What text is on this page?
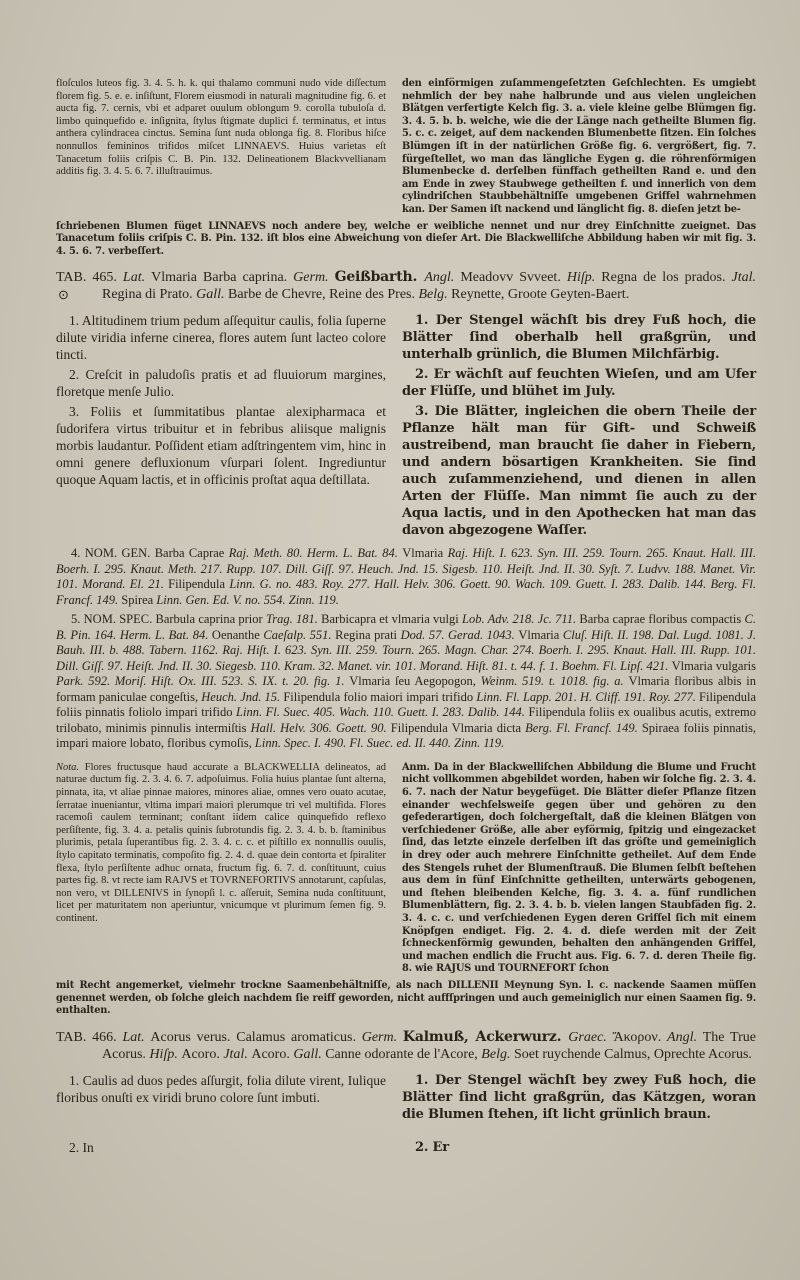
floſculos luteos fig. 3. 4. 5. h. k. qui thalamo communi nudo vide diſſectum florem fig. 5. e. e. inſiſtunt, Florem eiusmodi in naturali magnitudine fig. 6. et aucta fig. 7. cernis, vbi et adparet ouulum oblongum 9. corolla tubuloſa d. limbo quinquefido e. inſignita, ſtylus ſtigmate duplici f. terminatus, et intus anthera cylindracea cinctus. Semina ſunt nuda oblonga fig. 8. Floribus hiſce nonnullos femininos trifidos miſcet LINNAEVS. Huius varietas eſt Tanacetum foliis criſpis C. B. Pin. 132. Delineationem Blackvvellianam additis fig. 3. 4. 5. 6. 7. illuſtrauimus.

den einförmigen zuſammengeſetzten Geſchlechten. Es umgiebt nehmlich der bey nahe halbrunde und aus vielen ungleichen Blätgen verfertigte Kelch fig. 3. a. viele kleine gelbe Blümgen fig. 3. 4. 5. b. b. welche, wie die der Länge nach getheilte Blumen fig. 5. c. c. zeiget, auf dem nackenden Blumenbette ſitzen. Ein ſolches Blümgen iſt in der natürlichen Größe fig. 6. vergrößert, fig. 7. fürgeſtellet, wo man das längliche Eygen g. die röhrenförmigen Blumenbecke d. derſelben fünffach getheilten Rand e. und den am Ende in zwey Staubwege getheilten f. und innerlich von dem cylindriſchen Staubbehältniſſe umgebenen Griffel wahrnehmen kan. Der Samen iſt nackend und länglicht fig. 8. dieſen jetzt be-

ſchriebenen Blumen füget LINNAEVS noch andere bey, welche er weibliche nennet und nur drey Einſchnitte zueignet. Das Tanacetum foliis criſpis C. B. Pin. 132. iſt blos eine Abweichung von dieſer Art. Die Blackwelliſche Abbildung haben wir mit fig. 3. 4. 5. 6. 7. verbeſſert.

⊙
TAB. 465. Lat. Vlmaria Barba caprina. Germ. Geißbarth. Angl. Meadovv Svveet. Hiſp. Regna de los prados. Jtal. Regina di Prato. Gall. Barbe de Chevre, Reine des Pres. Belg. Reynette, Groote Geyten-Baert.

1. Altitudinem trium pedum aſſequitur caulis, folia ſuperne dilute viridia inferne cinerea, flores autem ſunt lacteo colore tincti.

2. Creſcit in paludoſis pratis et ad fluuiorum margines, floretque menſe Julio.

3. Foliis et ſummitatibus plantae alexipharmaca et ſudorifera virtus tribuitur et in febribus aliisque malignis morbis laudantur. Poſſident etiam adſtringentem vim, hinc in omni genere defluxionum vſurpari ſolent. Ingrediuntur quoque Aquam lactis, et in officinis proſtat aqua deſtillata.

1. Der Stengel wächſt bis drey Fuß hoch, die Blätter ſind oberhalb hell graßgrün, und unterhalb grünlich, die Blumen Milchfärbig.

2. Er wächſt auf feuchten Wieſen, und am Ufer der Flüſſe, und blühet im July.

3. Die Blätter, ingleichen die obern Theile der Pflanze hält man für Gift- und Schweiß austreibend, man braucht ſie daher in Fiebern, und andern bösartigen Krankheiten. Sie ſind auch zuſammenziehend, und dienen in allen Arten der Flüſſe. Man nimmt ſie auch zu der Aqua lactis, und in den Apothecken hat man das davon abgezogene Waſſer.

4. NOM. GEN. Barba Caprae Raj. Meth. 80. Herm. L. Bat. 84. Vlmaria Raj. Hiſt. I. 623. Syn. III. 259. Tourn. 265. Knaut. Hall. III. Boerh. I. 295. Knaut. Meth. 217. Rupp. 107. Dill. Giſſ. 97. Heuch. Jnd. 15. Sigesb. 110. Heiſt. Jnd. II. 30. Syſt. 7. Ludvv. 188. Manet. Vir. 101. Morand. El. 21. Filipendula Linn. G. no. 483. Roy. 277. Hall. Helv. 306. Goett. 90. Wach. 109. Guett. I. 283. Dalib. 144. Berg. Fl. Francf. 149. Spirea Linn. Gen. Ed. V. no. 554. Zinn. 119.

5. NOM. SPEC. Barbula caprina prior Trag. 181. Barbicapra et vlmaria vulgi Lob. Adv. 218. Jc. 711. Barba caprae floribus compactis C. B. Pin. 164. Herm. L. Bat. 84. Oenanthe Caeſalp. 551. Regina prati Dod. 57. Gerad. 1043. Vlmaria Cluſ. Hiſt. II. 198. Dal. Lugd. 1081. J. Bauh. III. b. 488. Tabern. 1162. Raj. Hiſt. I. 623. Syn. III. 259. Tourn. 265. Magn. Char. 274. Boerh. I. 295. Knaut. Hall. III. Rupp. 101. Dill. Giſſ. 97. Heiſt. Jnd. II. 30. Siegesb. 110. Kram. 32. Manet. vir. 101. Morand. Hiſt. 81. t. 44. f. 1. Boehm. Fl. Lipſ. 421. Vlmaria vulgaris Park. 592. Moriſ. Hiſt. Ox. III. 523. S. IX. t. 20. fig. 1. Vlmaria ſeu Aegopogon, Weinm. 519. t. 1018. fig. a. Vlmaria floribus albis in formam paniculae congeſtis, Heuch. Jnd. 15. Filipendula folio maiori impari trifido Linn. Fl. Lapp. 201. H. Cliff. 191. Roy. 277. Filipendula foliis pinnatis foliolo impari trifido Linn. Fl. Suec. 405. Wach. 110. Guett. I. 283. Dalib. 144. Filipendula foliis ex oualibus acutis, extremo trilobato, minimis pinnulis intermiſtis Hall. Helv. 306. Goett. 90. Filipendula Vlmaria dicta Berg. Fl. Francf. 149. Spiraea foliis pinnatis, impari maiore lobato, floribus cymoſis, Linn. Spec. I. 490. Fl. Suec. ed. II. 440. Zinn. 119.

Nota. Flores fructusque haud accurate a BLACKWELLIA delineatos, ad naturae ductum fig. 2. 3. 4. 6. 7. adpoſuimus. Folia huius plantae ſunt alterna, pinnata, ita, vt aliae pinnae maiores, minores aliae, omnes vero ouato acutae, ſerratae inueniantur, vltima impari maiori plerumque tri vel multifida. Flores racemoſi caulem terminant; conſtant iidem calice quinquefido reflexo perſiſtente, fig. 3. 4. a. petalis quinis ſubrotundis fig. 2. 3. 4. b. b. ſtaminibus plurimis, petala ſuperantibus fig. 2. 3. 4. c. c. et piſtillo ex nonnullis ouulis, ſtylo capitato terminatis, compoſito fig. 2. 4. d. quae dein contorta et ſpiraliter flexa, ſtylo perſiſtente adhuc ornata, fructum fig. 6. 7. d. conſtituunt, cuius partes fig. 8. vt recte iam RAJVS et TOVRNEFORTIVS annotarunt, capſulas, non vero, vt DILLENIVS in ſynopſi l. c. aſſeruit, Semina nuda conſtituunt, licet per maturitatem non aperiuntur, vnicumque vt plurimum ſemen fig. 9. continent.

Anm. Da in der Blackwelliſchen Abbildung die Blume und Frucht nicht vollkommen abgebildet worden, haben wir ſolche fig. 2. 3. 4. 6. 7. nach der Natur beygefüget. Die Blätter dieſer Pflanze ſitzen einander wechſelsweiſe gegen über und gehören zu den gefederartigen, doch ſolchergeſtalt, daß die kleinen Blätgen von verſchiedener Größe, alle aber eyförmig, ſpitzig und eingezacket ſind, das letzte einzele derſelben iſt das gröſte und gemeiniglich in drey oder auch mehrere Einſchnitte getheilet. Auf dem Ende des Stengels ruhet der Blumenſtrauß. Die Blumen ſelbſt beſtehen aus dem in fünf Einſchnitte getheilten, unterwärts gebogenen, und ſtehen bleibenden Kelche, fig. 3. 4. a. fünf rundlichen Blumenblättern, fig. 2. 3. 4. b. b. vielen langen Staubfäden fig. 2. 3. 4. c. c. und verſchiedenen Eygen deren Griffel ſich mit einem Knöpfgen endiget. Fig. 2. 4. d. dieſe werden mit der Zeit ſchneckenförmig gewunden, behalten den anhängenden Griffel, und machen endlich die Frucht aus. Fig. 6. 7. d. deren Theile fig. 8. wie RAJUS und TOURNEFORT ſchon

mit Recht angemerket, vielmehr trockne Saamenbehältniſſe, als nach DILLENII Meynung Syn. l. c. nackende Saamen müſſen genennet werden, ob ſolche gleich nachdem ſie reiff geworden, nicht auffſpringen und auch gemeiniglich nur einen Saamen fig. 9. enthalten.

TAB. 466. Lat. Acorus verus. Calamus aromaticus. Germ. Kalmuß, Ackerwurz. Graec. Ἄκορον. Angl. The True Acorus. Hiſp. Acoro. Jtal. Acoro. Gall. Canne odorante de l'Acore, Belg. Soet ruychende Calmus, Oprechte Acorus.

1. Caulis ad duos pedes aſſurgit, folia dilute virent, Iulique floribus onuſti ex viridi bruno colore ſunt imbuti.

1. Der Stengel wächſt bey zwey Fuß hoch, die Blätter ſind licht graßgrün, das Kätzgen, woran die Blumen ſtehen, iſt licht grünlich braun.

2. In	2. Er
